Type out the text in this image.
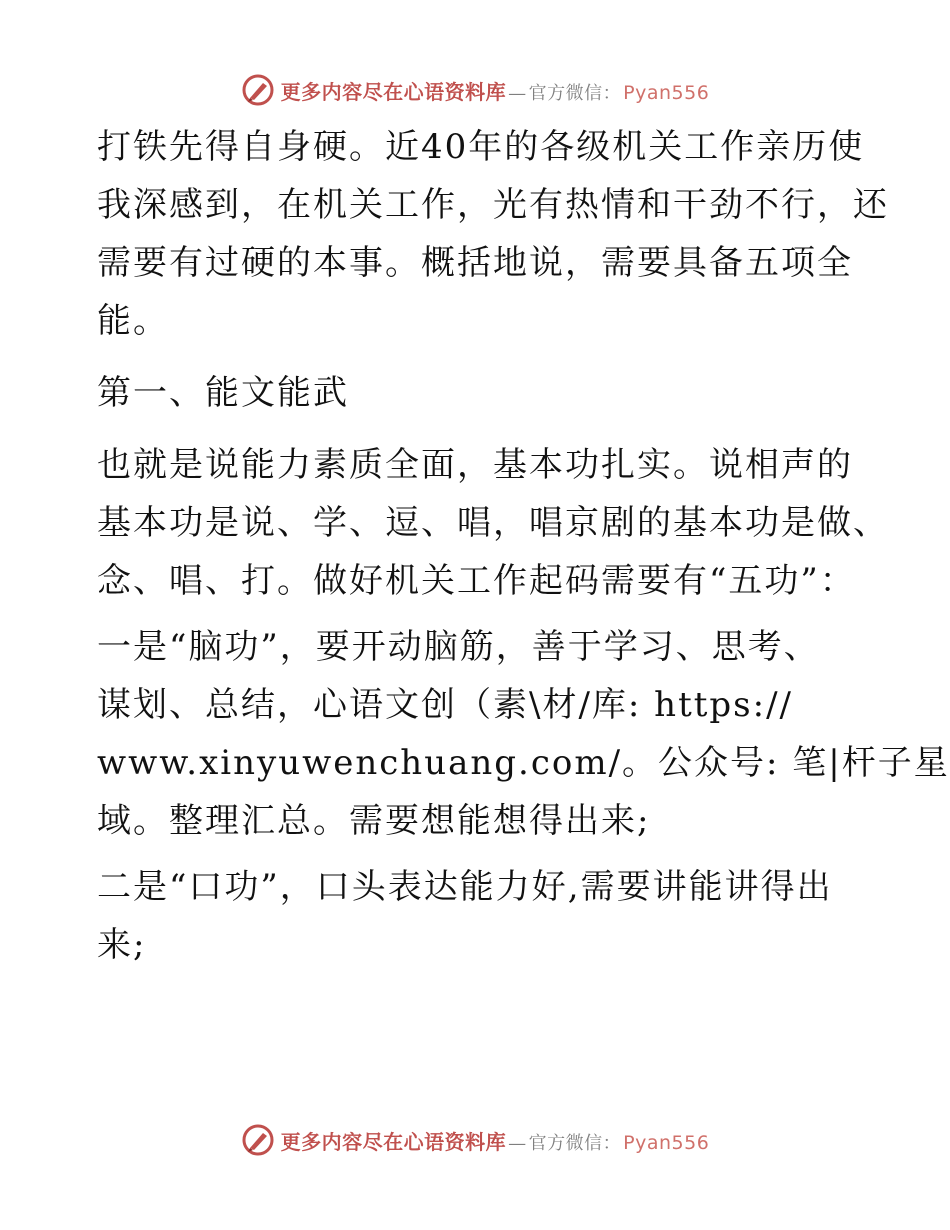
更多内容尽在心语资料库 — 官方微信： Pyan556

打铁先得自身硬。近40年的各级机关工作亲历使
我深感到，在机关工作，光有热情和干劲不行，还
需要有过硬的本事。概括地说，需要具备五项全
能。

第一、能文能武

也就是说能力素质全面，基本功扎实。说相声的
基本功是说、学、逗、唱，唱京剧的基本功是做、
念、唱、打。做好机关工作起码需要有“五功”：

一是“脑功”，要开动脑筋，善于学习、思考、
谋划、总结，心语文创（素\材/库: https://
www.xinyuwenchuang.com/。公众号: 笔|杆子星
域。整理汇总。需要想能想得出来;

二是“口功”，口头表达能力好,需要讲能讲得出
来;

更多内容尽在心语资料库 — 官方微信： Pyan556
